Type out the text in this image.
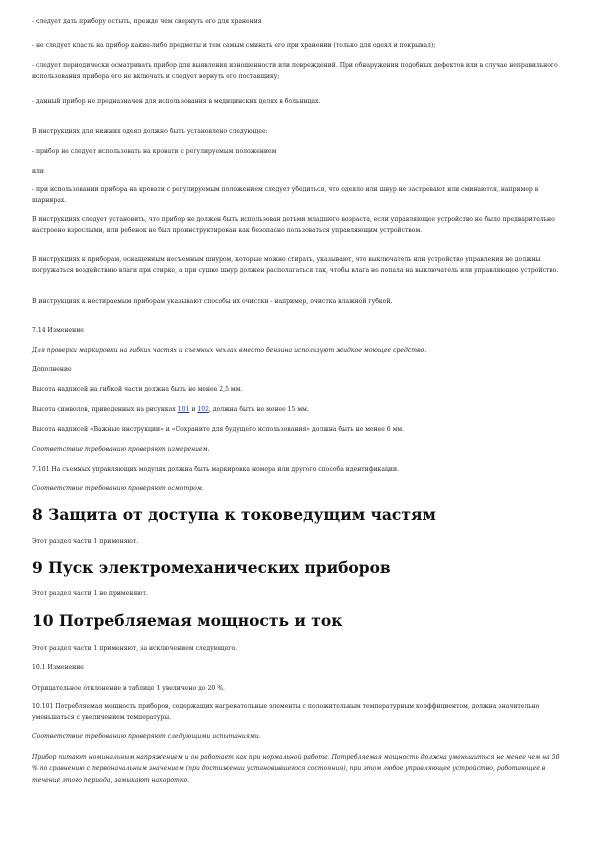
- следует дать прибору остыть, прежде чем свернуть его для хранения

- не следует класть на прибор какие-либо предметы и тем самым сминать его при хранении (только для одеял и покрывал);

- следует периодически осматривать прибор для выявления изношенности или повреждений. При обнаружении подобных дефектов или в случае неправильного использования прибора его не включать и следует вернуть его поставщику;

- данный прибор не предназначен для использования в медицинских целях в больницах.

В инструкциях для нижних одеял должно быть установлено следующее:

- прибор не следует использовать на кровати с регулируемым положением

или

- при использовании прибора на кровати с регулируемым положением следует убедиться, что одеяло или шнур не застревают или сминаются, например в шарнирах.

В инструкциях следует установить, что прибор не должен быть использован детьми младшего возраста, если управляющее устройство не было предварительно настроено взрослыми, или ребенок не был проинструктирован как безопасно пользоваться управляющим устройством.

В инструкциях к приборам, оснащенным несъемным шнуром, которые можно стирать, указывают, что выключатель или устройство управления не должны погружаться воздействию влаги при стирке, а при сушке шнур должен располагаться так, чтобы влага не попала на выключатель или управляющее устройство.

В инструкциях к нестираемым приборам указывают способы их очистки - например, очистка влажной губкой.

7.14 Изменение

Для проверки маркировки на гибких частях и съемных чехлах вместо бензина используют жидкое моющее средство.

Дополнение

Высота надписей на гибкой части должна быть не менее 2,5 мм.

Высота символов, приведенных на рисунках 101 и 102, должна быть не менее 15 мм.

Высота надписей «Важные инструкции» и «Сохраните для будущего использования» должна быть не менее 6 мм.

Соответствие требованию проверяют измерением.

7.101 На съемных управляющих модулях должна быть маркировка номера или другого способа идентификации.

Соответствие требованию проверяют осмотром.

8 Защита от доступа к токоведущим частям

Этот раздел части 1 применяют.

9 Пуск электромеханических приборов

Этот раздел части 1 не применяют.

10 Потребляемая мощность и ток

Этот раздел части 1 применяют, за исключением следующего.

10.1 Изменение

Отрицательное отклонение в таблице 1 увеличено до 20 %.

10.101 Потребляемая мощность приборов, содержащих нагревательные элементы с положительным температурным коэффициентом, должна значительно уменьшаться с увеличением температуры.

Соответствие требованию проверяют следующими испытаниями.

Прибор питают номинальным напряжением и он работает как при нормальной работе. Потребляемая мощность должна уменьшиться не менее чем на 50 % по сравнению с первоначальным значением (при достижении установившегося состояния), при этом любое управляющее устройство, работающее в течение этого периода, замыкают накоротко.
